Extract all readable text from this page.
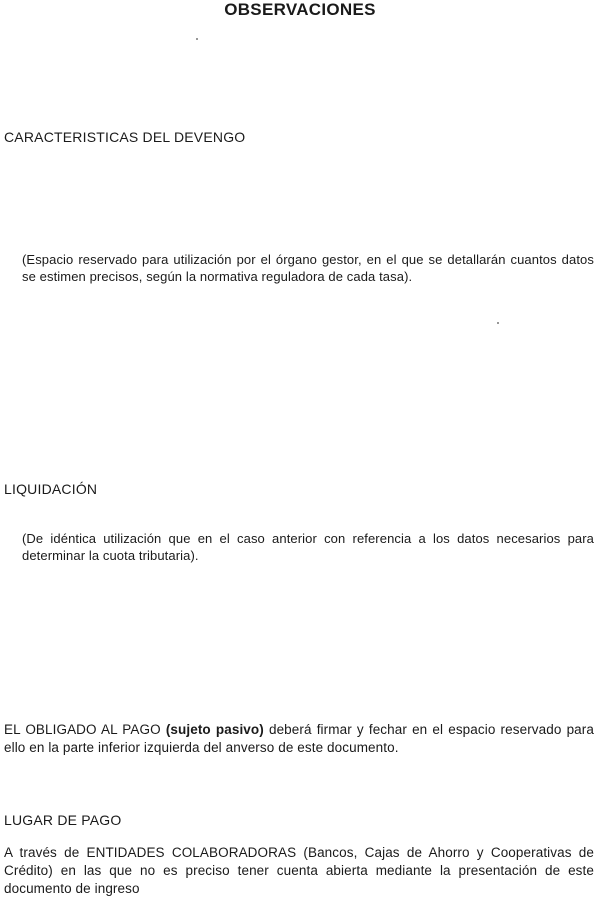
OBSERVACIONES
CARACTERISTICAS DEL DEVENGO
(Espacio reservado para utilización por el órgano gestor, en el que se detallarán cuantos datos se estimen precisos, según la normativa reguladora de cada tasa).
LIQUIDACIÓN
(De idéntica utilización que en el caso anterior con referencia a los datos necesarios para determinar la cuota tributaria).
EL OBLIGADO AL PAGO (sujeto pasivo) deberá firmar y fechar en el espacio reservado para ello en la parte inferior izquierda del anverso de este documento.
LUGAR DE PAGO
A través de ENTIDADES COLABORADORAS (Bancos, Cajas de Ahorro y Cooperativas de Crédito) en las que no es preciso tener cuenta abierta mediante la presentación de este documento de ingreso
